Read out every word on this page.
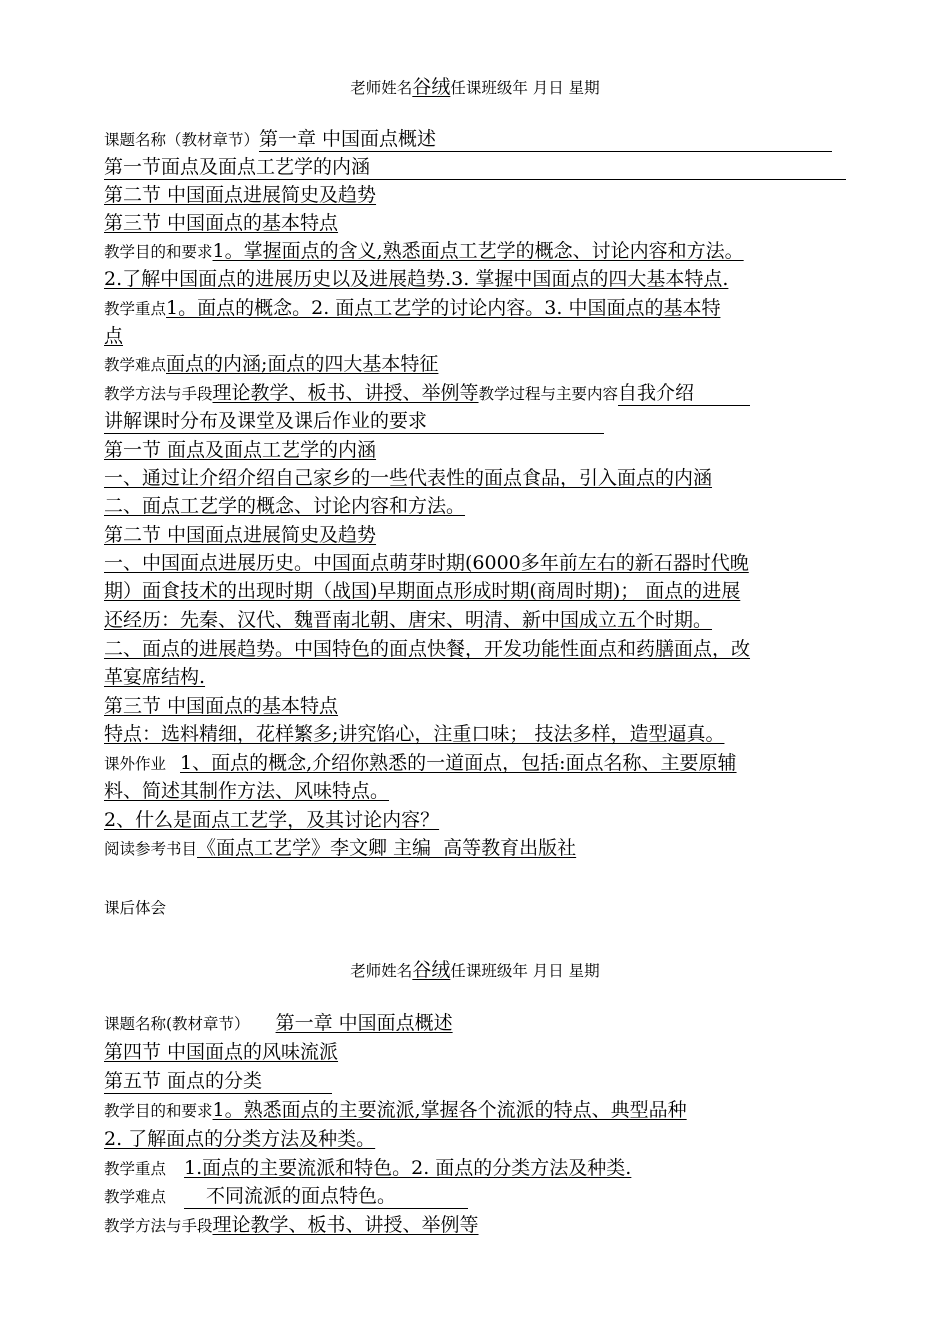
老师姓名谷绒任课班级年 月日 星期
课题名称（教材章节）第一章 中国面点概述
第一节面点及面点工艺学的内涵
第二节 中国面点进展简史及趋势
第三节 中国面点的基本特点
教学目的和要求1。掌握面点的含义,熟悉面点工艺学的概念、讨论内容和方法。
2.了解中国面点的进展历史以及进展趋势.3. 掌握中国面点的四大基本特点.
教学重点1。面点的概念。2. 面点工艺学的讨论内容。3. 中国面点的基本特
点
教学难点面点的内涵;面点的四大基本特征
教学方法与手段理论教学、板书、讲授、举例等教学过程与主要内容自我介绍
讲解课时分布及课堂及课后作业的要求
第一节 面点及面点工艺学的内涵
一、通过让介绍介绍自己家乡的一些代表性的面点食品，引入面点的内涵
二、面点工艺学的概念、讨论内容和方法。
第二节 中国面点进展简史及趋势
一、中国面点进展历史。中国面点萌芽时期(6000多年前左右的新石器时代晚
期）面食技术的出现时期（战国)早期面点形成时期(商周时期)； 面点的进展
还经历：先秦、汉代、魏晋南北朝、唐宋、明清、新中国成立五个时期。
二、面点的进展趋势。中国特色的面点快餐，开发功能性面点和药膳面点，改
革宴席结构.
第三节 中国面点的基本特点
特点：选料精细，花样繁多;讲究馅心，注重口味； 技法多样，造型逼真。
课外作业 1、面点的概念,介绍你熟悉的一道面点，包括:面点名称、主要原辅
料、简述其制作方法、风味特点。
2、什么是面点工艺学，及其讨论内容？
阅读参考书目《面点工艺学》李文卿 主编  高等教育出版社
课后体会
老师姓名谷绒任课班级年 月日 星期
课题名称(教材章节） 第一章 中国面点概述
第四节 中国面点的风味流派
第五节 面点的分类
教学目的和要求1。熟悉面点的主要流派,掌握各个流派的特点、典型品种
2. 了解面点的分类方法及种类。
教学重点 1.面点的主要流派和特色。2. 面点的分类方法及种类.
教学难点 不同流派的面点特色。
教学方法与手段理论教学、板书、讲授、举例等
